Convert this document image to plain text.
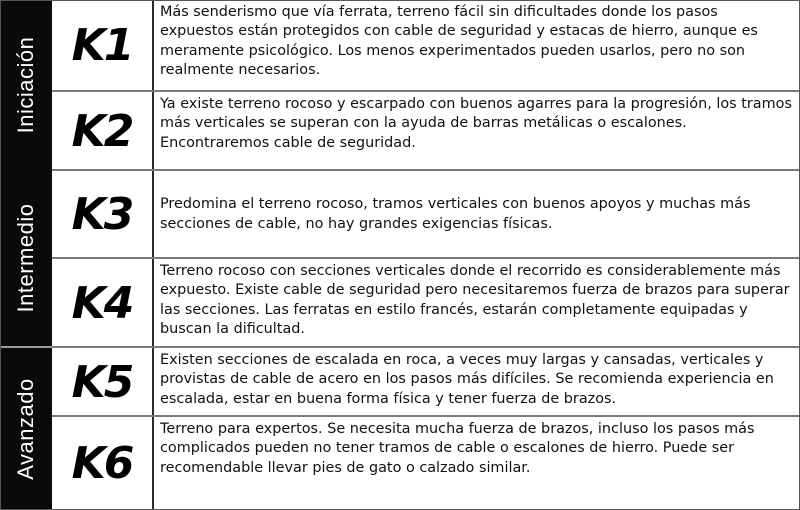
Iniciación
Intermedio
Avanzado
K1
Más senderismo que vía ferrata, terreno fácil sin dificultades donde los pasos expuestos están protegidos con cable de seguridad y estacas de hierro, aunque es meramente psicológico. Los menos experimentados pueden usarlos, pero no son realmente necesarios.
K2
Ya existe terreno rocoso y escarpado con buenos agarres para la progresión, los tramos más verticales se superan con la ayuda de barras metálicas o escalones. Encontraremos cable de seguridad.
K3	Predomina el terreno rocoso, tramos verticales con buenos apoyos y muchas más secciones de cable, no hay grandes exigencias físicas.
K4
Terreno rocoso con secciones verticales donde el recorrido es considerablemente más expuesto. Existe cable de seguridad pero necesitaremos fuerza de brazos para superar las secciones. Las ferratas en estilo francés, estarán completamente equipadas y buscan la dificultad.
K5	Existen secciones de escalada en roca, a veces muy largas y cansadas, verticales y provistas de cable de acero en los pasos más difíciles. Se recomienda experiencia en escalada, estar en buena forma física y tener fuerza de brazos.
K6
Terreno para expertos. Se necesita mucha fuerza de brazos, incluso los pasos más complicados pueden no tener tramos de cable o escalones de hierro. Puede ser recomendable llevar pies de gato o calzado similar.
